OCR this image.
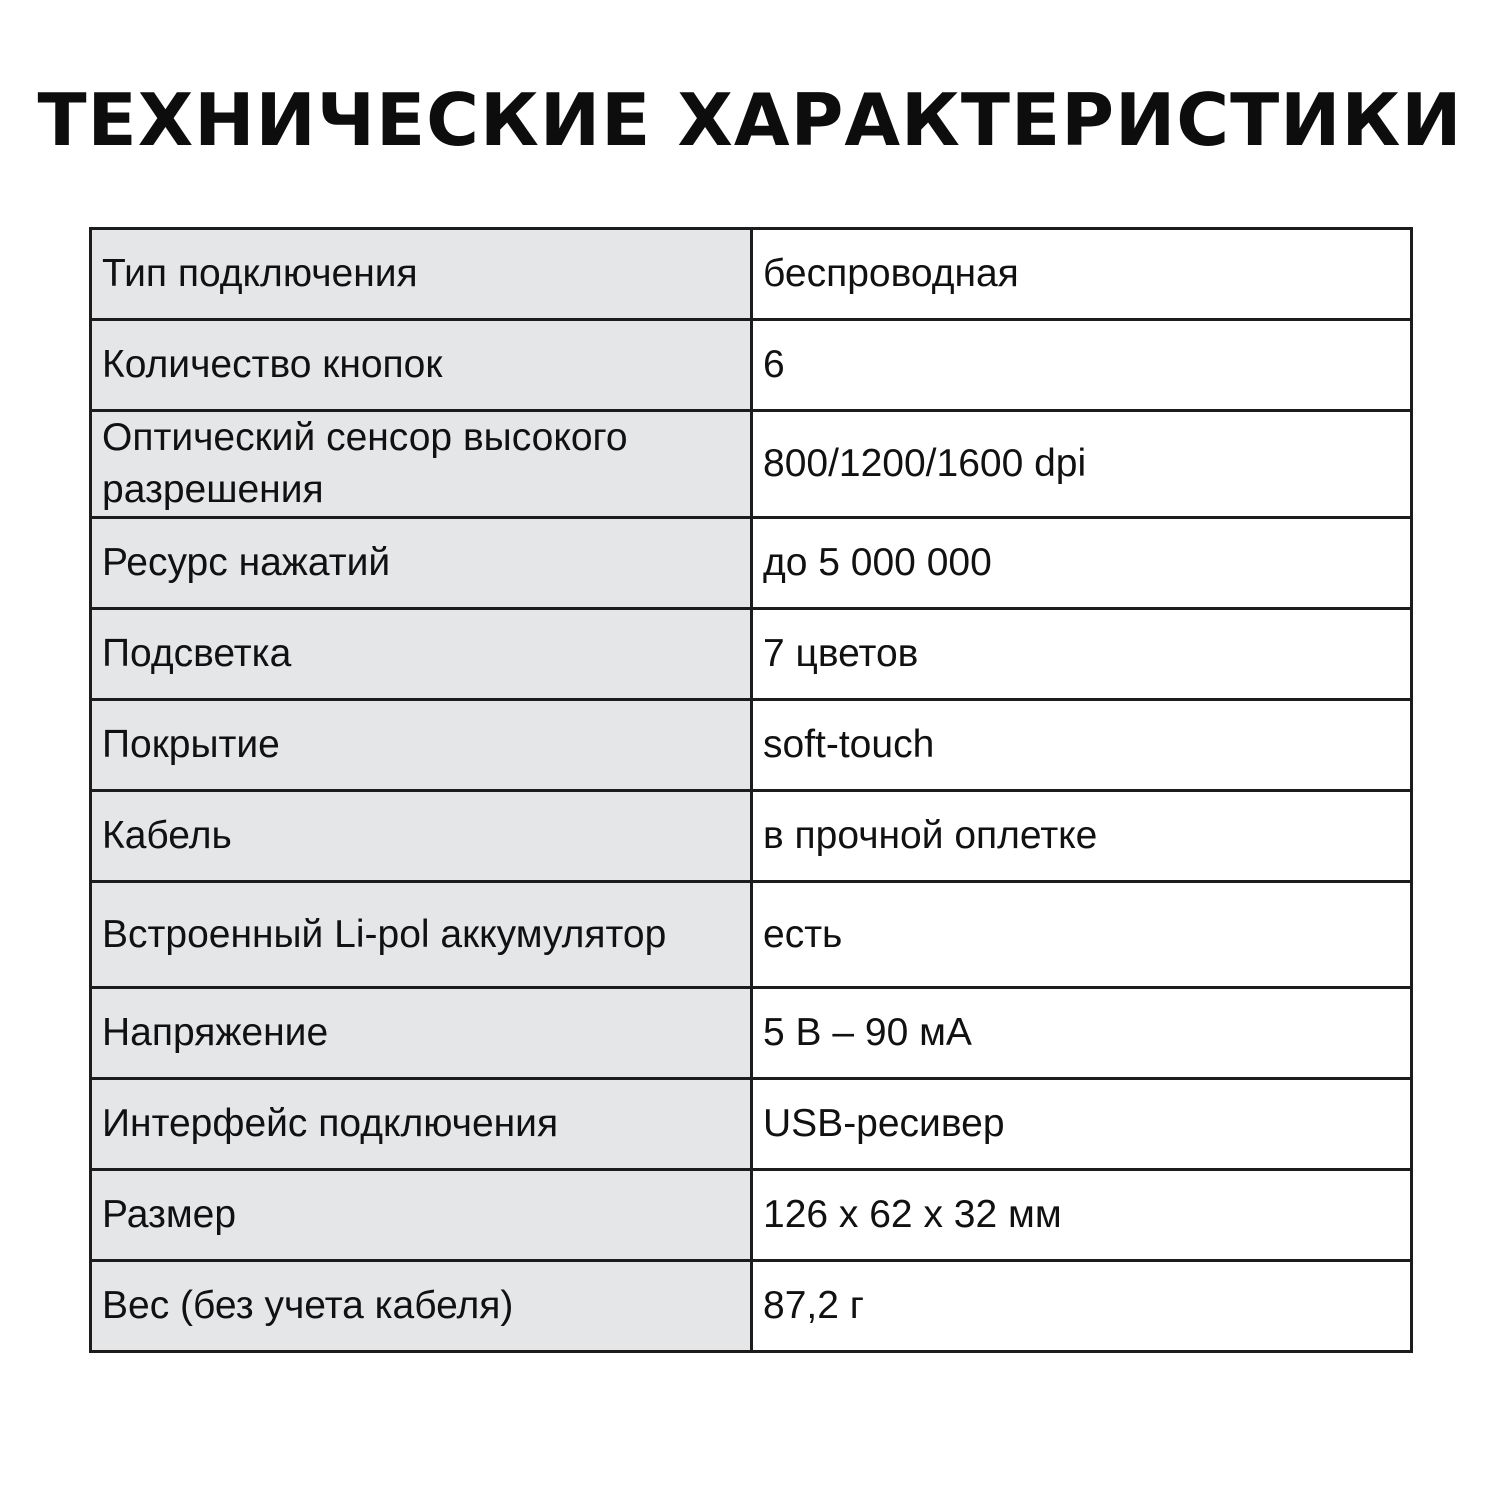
ТЕХНИЧЕСКИЕ ХАРАКТЕРИСТИКИ
Тип подключения	беспроводная
Количество кнопок	6
Оптический сенсор высокого разрешения	800/1200/1600 dpi
Ресурс нажатий	до 5 000 000
Подсветка	7 цветов
Покрытие	soft-touch
Кабель	в прочной оплетке
Встроенный Li-pol аккумулятор	есть
Напряжение	5 В – 90 мА
Интерфейс подключения	USB-ресивер
Размер	126 x 62 x 32 мм
Вес (без учета кабеля)	87,2 г
